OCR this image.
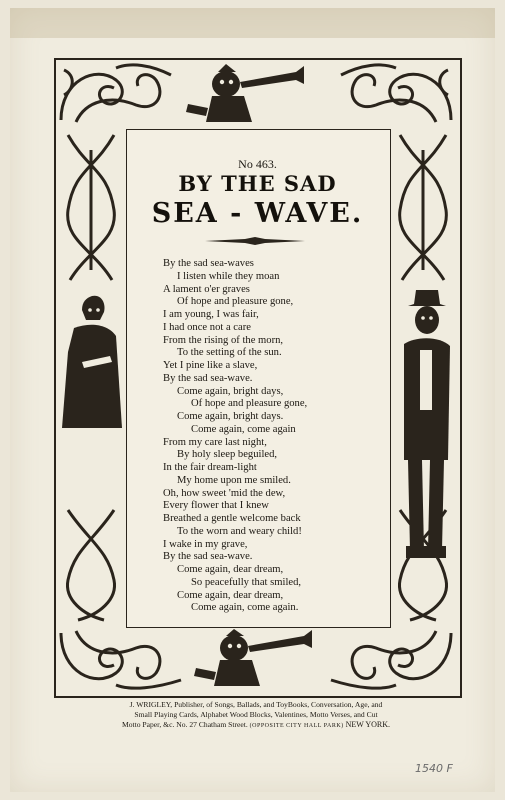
No 463.
BY THE SAD
SEA - WAVE.
By the sad sea-waves
I listen while they moan
A lament o'er graves
Of hope and pleasure gone,
I am young, I was fair,
I had once not a care
From the rising of the morn,
To the setting of the sun.
Yet I pine like a slave,
By the sad sea-wave.
Come again, bright days,
Of hope and pleasure gone,
Come again, bright days.
Come again, come again
From my care last night,
By holy sleep beguiled,
In the fair dream-light
My home upon me smiled.
Oh, how sweet 'mid the dew,
Every flower that I knew
Breathed a gentle welcome back
To the worn and weary child!
I wake in my grave,
By the sad sea-wave.
Come again, dear dream,
So peacefully that smiled,
Come again, dear dream,
Come again, come again.
J. WRIGLEY, Publisher, of Songs, Ballads, and ToyBooks, Conversation, Age, and
Small Playing Cards, Alphabet Wood Blocks, Valentines, Motto Verses, and Cut
Motto Paper, &c. No. 27 Chatham Street. (OPPOSITE CITY HALL PARK) NEW YORK.
1540 F
